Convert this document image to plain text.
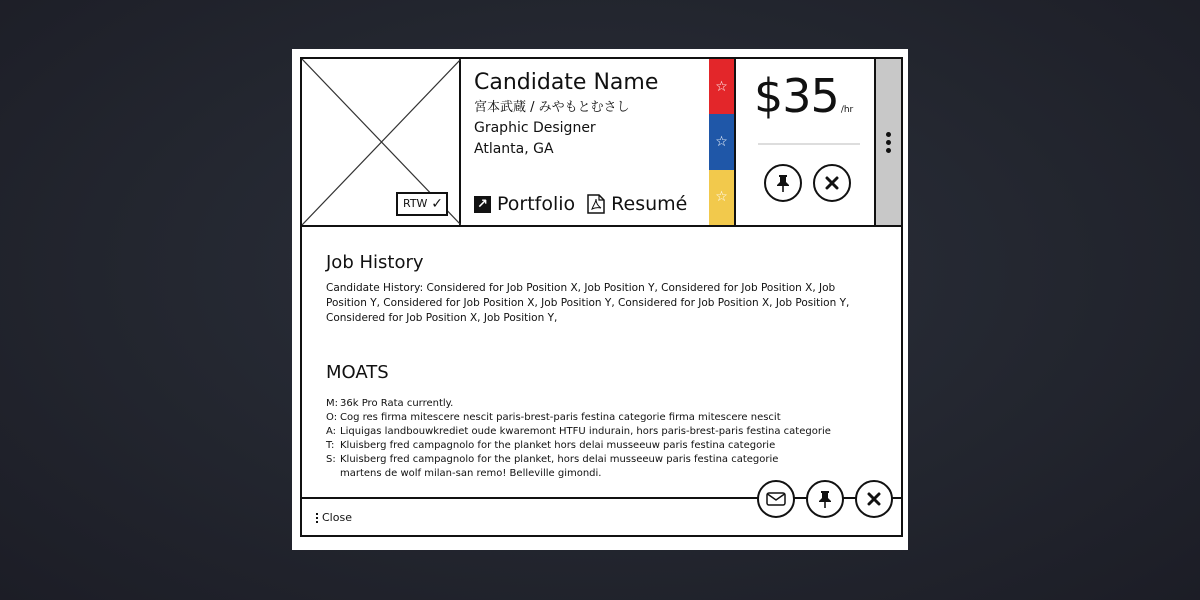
RTW ✓
Candidate Name
宮本武蔵 / みやもとむさし
Graphic Designer
Atlanta, GA
↗ Portfolio Resumé
☆
☆
☆
$35 /hr
Job History
Candidate History: Considered for Job Position X, Job Position Y, Considered for Job Position X, Job Position Y, Considered for Job Position X, Job Position Y, Considered for Job Position X, Job Position Y, Considered for Job Position X, Job Position Y,
MOATS
M: 36k Pro Rata currently.
O: Cog res firma mitescere nescit paris-brest-paris festina categorie firma mitescere nescit
A: Liquigas landbouwkrediet oude kwaremont HTFU indurain, hors paris-brest-paris festina categorie
T: Kluisberg fred campagnolo for the planket hors delai musseeuw paris festina categorie
S: Kluisberg fred campagnolo for the planket, hors delai musseeuw paris festina categorie
martens de wolf milan-san remo! Belleville gimondi.
Close
